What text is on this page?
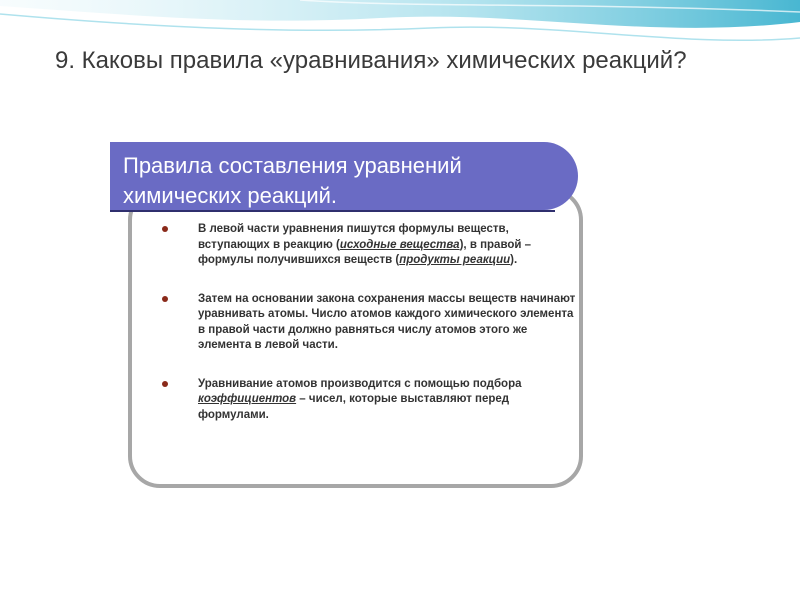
9. Каковы правила «уравнивания» химических реакций?
Правила составления уравнений химических реакций.
В левой части уравнения пишутся формулы веществ, вступающих в реакцию (исходные вещества), в правой –формулы получившихся веществ (продукты реакции).
Затем на основании закона сохранения массы веществ начинают уравнивать атомы. Число атомов каждого химического элемента в правой части должно равняться числу атомов этого же элемента в левой части.
Уравнивание атомов производится с помощью подбора коэффициентов – чисел, которые выставляют перед формулами.
